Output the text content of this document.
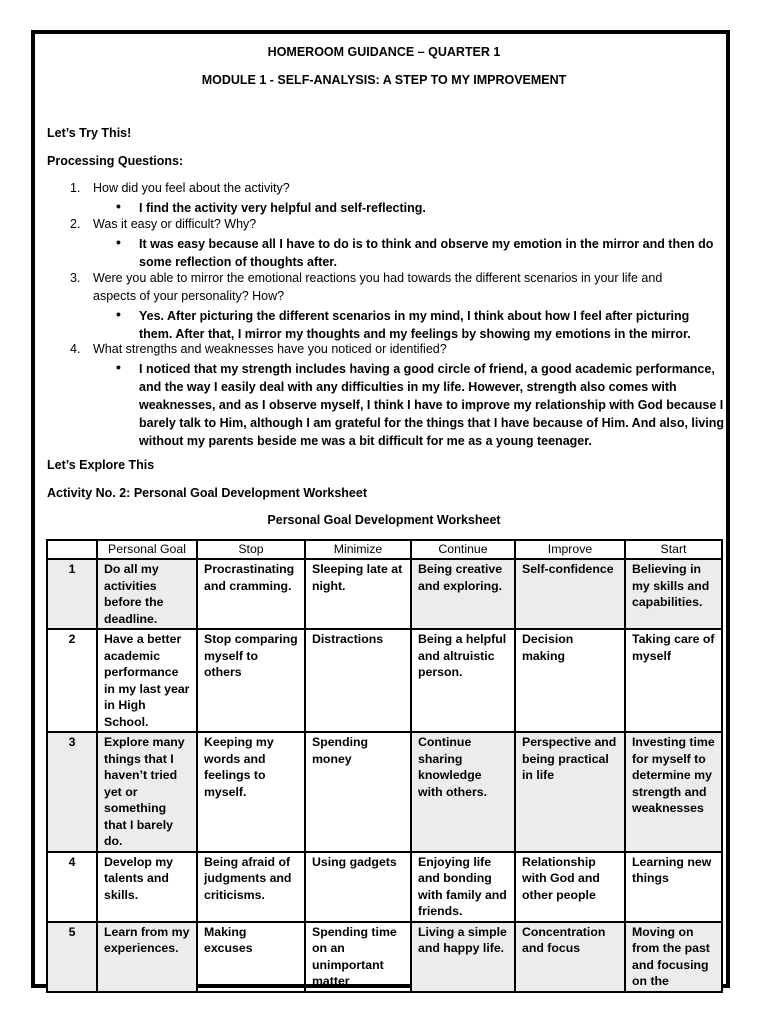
HOMEROOM GUIDANCE – QUARTER 1
MODULE 1 - SELF-ANALYSIS: A STEP TO MY IMPROVEMENT
Let’s Try This!
Processing Questions:
1. How did you feel about the activity?
• I find the activity very helpful and self-reflecting.
2. Was it easy or difficult? Why?
• It was easy because all I have to do is to think and observe my emotion in the mirror and then do
some reflection of thoughts after.
3. Were you able to mirror the emotional reactions you had towards the different scenarios in your life and
aspects of your personality? How?
• Yes. After picturing the different scenarios in my mind, I think about how I feel after picturing
them. After that, I mirror my thoughts and my feelings by showing my emotions in the mirror.
4. What strengths and weaknesses have you noticed or identified?
• I noticed that my strength includes having a good circle of friend, a good academic performance,
and the way I easily deal with any difficulties in my life. However, strength also comes with
weaknesses, and as I observe myself, I think I have to improve my relationship with God because I
barely talk to Him, although I am grateful for the things that I have because of Him. And also, living
without my parents beside me was a bit difficult for me as a young teenager.
Let’s Explore This
Activity No. 2: Personal Goal Development Worksheet
Personal Goal Development Worksheet
	Personal Goal	Stop	Minimize	Continue	Improve	Start
1	Do all my activities before the deadline.	Procrastinating and cramming.	Sleeping late at night.	Being creative and exploring.	Self-confidence	Believing in my skills and capabilities.
2	Have a better academic performance in my last year in High School.	Stop comparing myself to others	Distractions	Being a helpful and altruistic person.	Decision making	Taking care of myself
3	Explore many things that I haven’t tried yet or something that I barely do.	Keeping my words and feelings to myself.	Spending money	Continue sharing knowledge with others.	Perspective and being practical in life	Investing time for myself to determine my strength and weaknesses
4	Develop my talents and skills.	Being afraid of judgments and criticisms.	Using gadgets	Enjoying life and bonding with family and friends.	Relationship with God and other people	Learning new things
5	Learn from my experiences.	Making excuses	Spending time on an unimportant matter	Living a simple and happy life.	Concentration and focus	Moving on from the past and focusing on the
